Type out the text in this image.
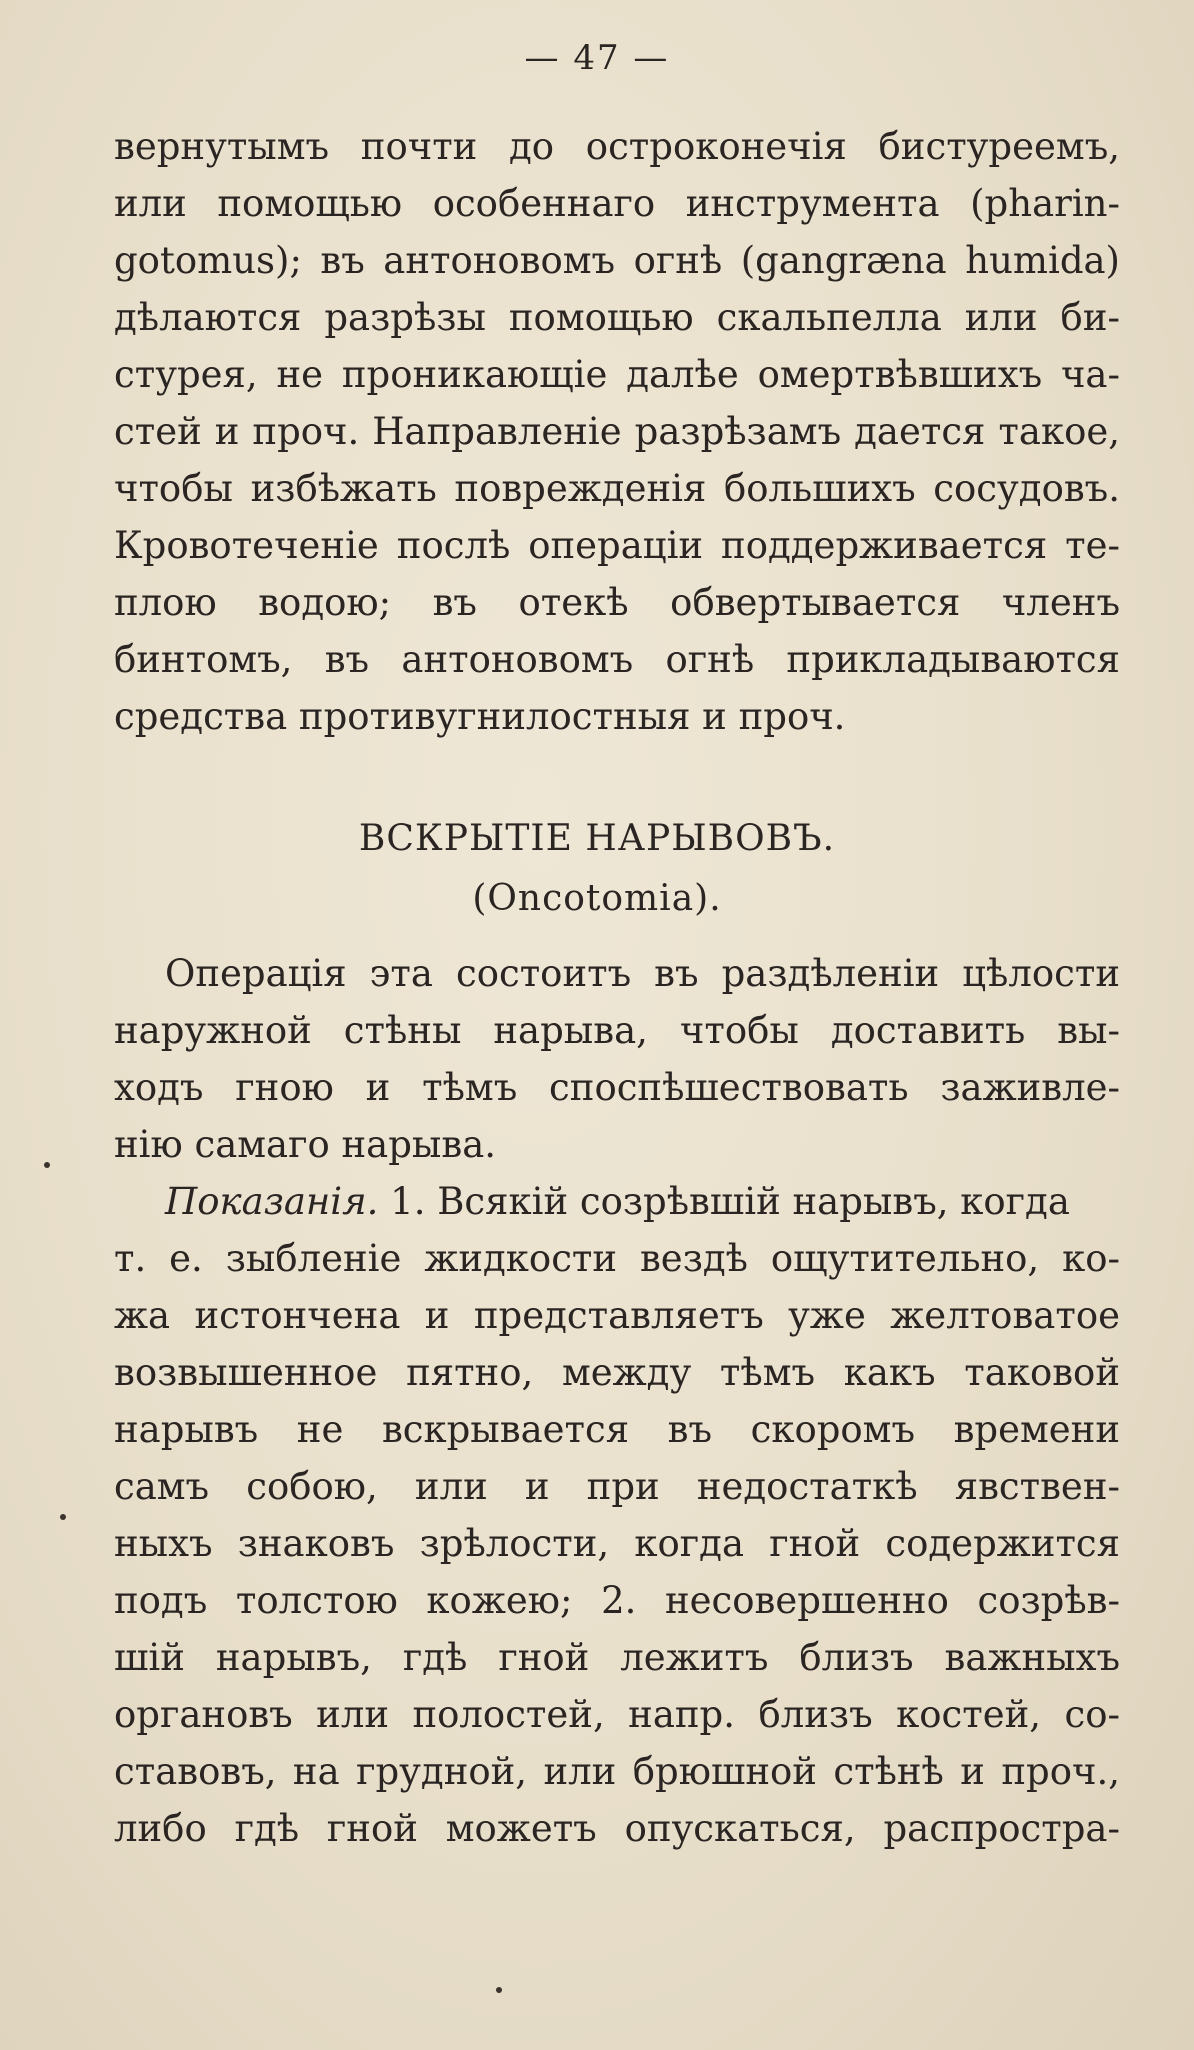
— 47 —
вернутымъ почти до остроконечія бистуреемъ,
или помощью особеннаго инструмента (pharin-
gotomus); въ антоновомъ огнѣ (gangræna humida)
дѣлаются разрѣзы помощью скальпелла или би-
стурея, не проникающіе далѣе омертвѣвшихъ ча-
стей и проч. Направленіе разрѣзамъ дается такое,
чтобы избѣжать поврежденія большихъ сосудовъ.
Кровотеченіе послѣ операціи поддерживается те-
плою водою; въ отекѣ обвертывается членъ
бинтомъ, въ антоновомъ огнѣ прикладываются
средства противугнилостныя и проч.
ВСКРЫТІЕ НАРЫВОВЪ.
(Oncotomia).
Операція эта состоитъ въ раздѣленіи цѣлости
наружной стѣны нарыва, чтобы доставить вы-
ходъ гною и тѣмъ споспѣшествовать заживле-
нію самаго нарыва.
Показанія. 1. Всякій созрѣвшій нарывъ, когда
т. е. зыбленіе жидкости вездѣ ощутительно, ко-
жа истончена и представляетъ уже желтоватое
возвышенное пятно, между тѣмъ какъ таковой
нарывъ не вскрывается въ скоромъ времени
самъ собою, или и при недостаткѣ явствен-
ныхъ знаковъ зрѣлости, когда гной содержится
подъ толстою кожею; 2. несовершенно созрѣв-
шій нарывъ, гдѣ гной лежитъ близъ важныхъ
органовъ или полостей, напр. близъ костей, со-
ставовъ, на грудной, или брюшной стѣнѣ и проч.,
либо гдѣ гной можетъ опускаться, распростра-
